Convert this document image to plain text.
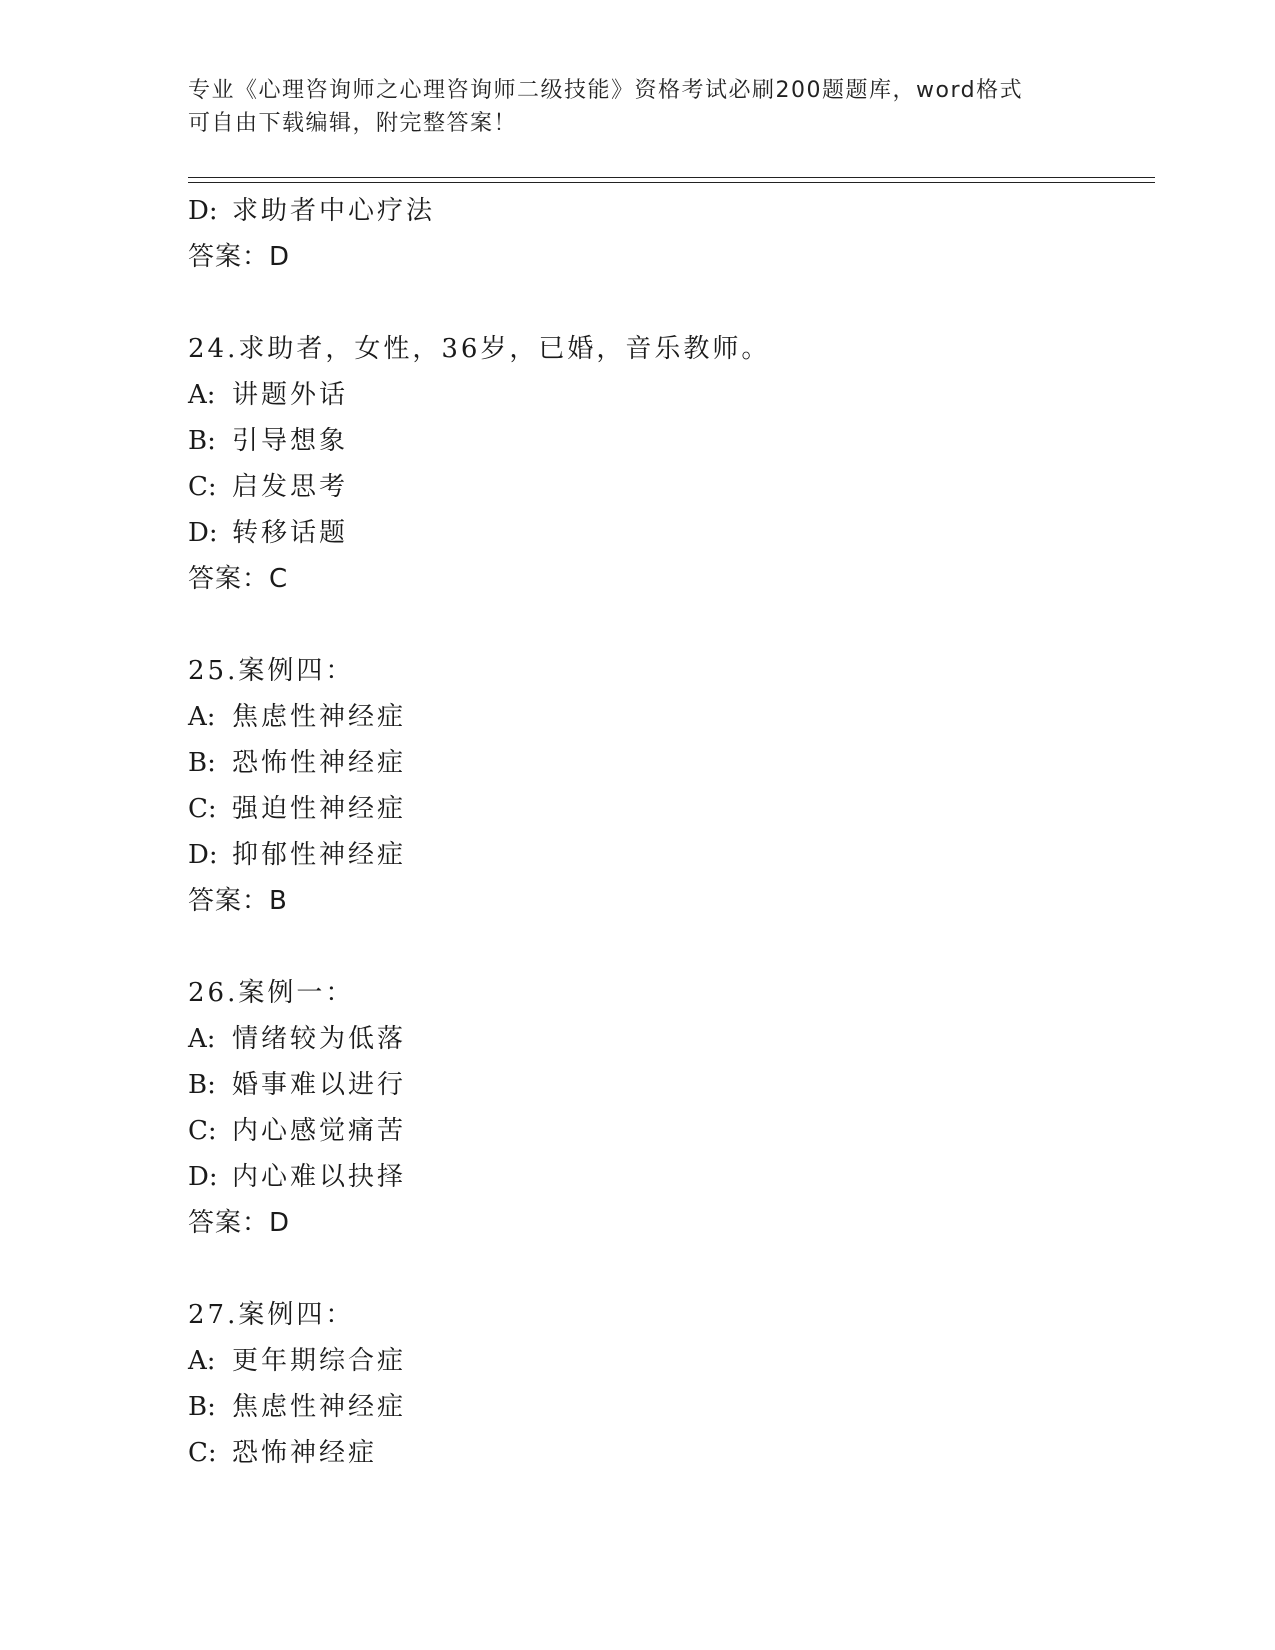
专业《心理咨询师之心理咨询师二级技能》资格考试必刷200题题库，word格式
可自由下载编辑，附完整答案！
D: 求助者中心疗法
答案：D
24.求助者，女性，36岁，已婚，音乐教师。
A: 讲题外话
B: 引导想象
C: 启发思考
D: 转移话题
答案：C
25.案例四：
A: 焦虑性神经症
B: 恐怖性神经症
C: 强迫性神经症
D: 抑郁性神经症
答案：B
26.案例一：
A: 情绪较为低落
B: 婚事难以进行
C: 内心感觉痛苦
D: 内心难以抉择
答案：D
27.案例四：
A: 更年期综合症
B: 焦虑性神经症
C: 恐怖神经症
